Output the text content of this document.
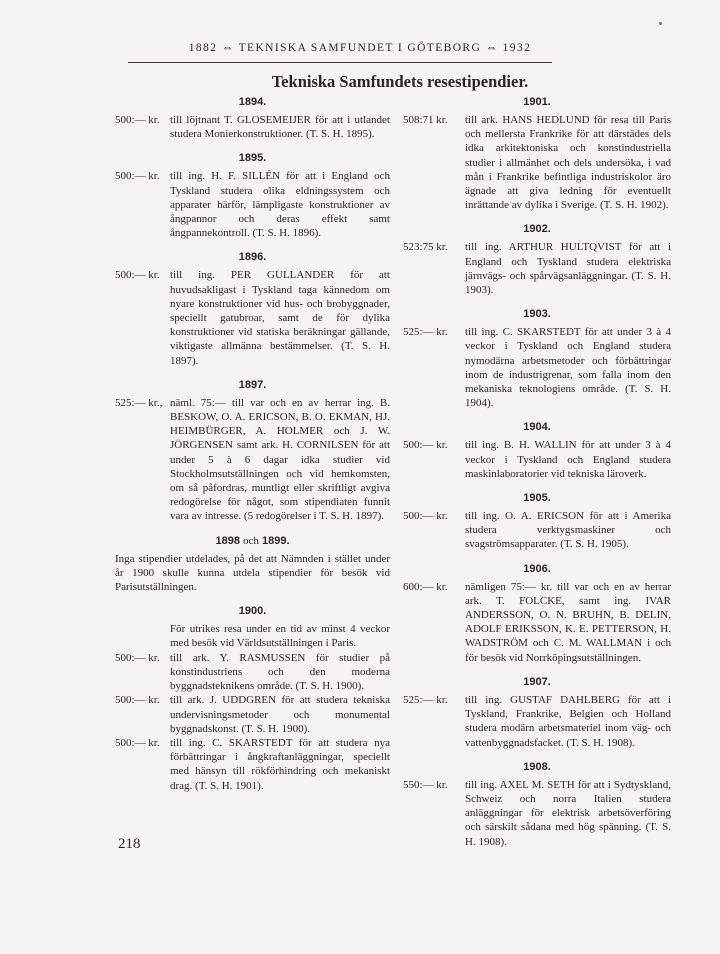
1882 ⇔ TEKNISKA SAMFUNDET I GÖTEBORG ⇔ 1932
Tekniska Samfundets resestipendier.
1894.
500:— kr. till löjtnant T. GLOSEMEIJER för att i utlandet studera Monierkonstruktioner. (T. S. H. 1895).
1895.
500:— kr. till ing. H. F. SILLÉN för att i England och Tyskland studera olika eldningssystem och apparater härför, lämpligaste konstruktioner av ångpannor och deras effekt samt ångpannekontroll. (T. S. H. 1896).
1896.
500:— kr. till ing. PER GULLANDER för att huvudsakligast i Tyskland taga kännedom om nyare konstruktioner vid hus- och brobyggnader, speciellt gatubroar, samt de för dylika konstruktioner vid statiska beräkningar gällande, viktigaste allmänna bestämmelser. (T. S. H. 1897).
1897.
525:— kr., näml. 75:— till var och en av herrar ing. B. BESKOW, O. A. ERICSON, B. O. EKMAN, HJ. HEIMBÜRGER, A. HOLMER och J. W. JÖRGENSEN samt ark. H. CORNILSEN för att under 5 à 6 dagar idka studier vid Stockholmsutställningen och vid hemkomsten, om så påfordras, muntligt eller skriftligt avgiva redogörelse för något, som stipendiaten funnit vara av intresse. (5 redogörelser i T. S. H. 1897).
1898 och 1899.
Inga stipendier utdelades, på det att Nämnden i stället under år 1900 skulle kunna utdela stipendier för besök vid Parisutställningen.
1900.
För utrikes resa under en tid av minst 4 veckor med besök vid Världsutställningen i Paris.
500:— kr. till ark. Y. RASMUSSEN för studier på konstindustriens och den moderna byggnadsteknikens område. (T. S. H. 1900).
500:— kr. till ark. J. UDDGREN för att studera tekniska undervisningsmetoder och monumental byggnadskonst. (T. S. H. 1900).
500:— kr. till ing. C. SKARSTEDT för att studera nya förbättringar i ångkraftanläggningar, speciellt med hänsyn till rökförhindring och mekaniskt drag. (T. S. H. 1901).
1901.
508:71 kr.	till ark. HANS HEDLUND för resa till Paris och mellersta Frankrike för att därstädes dels idka arkitektoniska och konstindustriella studier i allmänhet och dels undersöka, i vad mån i Frankrike befintliga industriskolor äro ägnade att giva ledning för eventuellt inrättande av dylika i Sverige. (T. S. H. 1902).
1902.
523:75 kr.	till ing. ARTHUR HULTQVIST för att i England och Tyskland studera elektriska järnvägs- och spårvägsanläggningar. (T. S. H. 1903).
1903.
525:— kr.	till ing. C. SKARSTEDT för att under 3 à 4 veckor i Tyskland och England studera nymodärna arbetsmetoder och förbättringar inom de industrigrenar, som falla inom den mekaniska teknologiens område. (T. S. H. 1904).
1904.
500:— kr.	till ing. B. H. WALLIN för att under 3 à 4 veckor i Tyskland och England studera maskinlaboratorier vid tekniska läroverk.
1905.
500:— kr.	till ing. O. A. ERICSON för att i Amerika studera verktygsmaskiner och svagströmsapparater. (T. S. H. 1905).
1906.
600:— kr.	nämligen 75:— kr. till var och en av herrar ark. T. FOLCKE, samt ing. IVAR ANDERSSON, O. N. BRUHN, B. DELIN, ADOLF ERIKSSON, K. E. PETTERSON, H. WADSTRÖM och C. M. WALLMAN i och för besök vid Norrköpingsutställningen.
1907.
525:— kr.	till ing. GUSTAF DAHLBERG för att i Tyskland, Frankrike, Belgien och Holland studera modärn arbetsmateriel inom väg- och vattenbyggnadsfacket. (T. S. H. 1908).
1908.
550:— kr.	till ing. AXEL M. SETH för att i Sydtyskland, Schweiz och norra Italien studera anläggningar för elektrisk arbetsöverföring och särskilt sådana med hög spänning. (T. S. H. 1908).
218
